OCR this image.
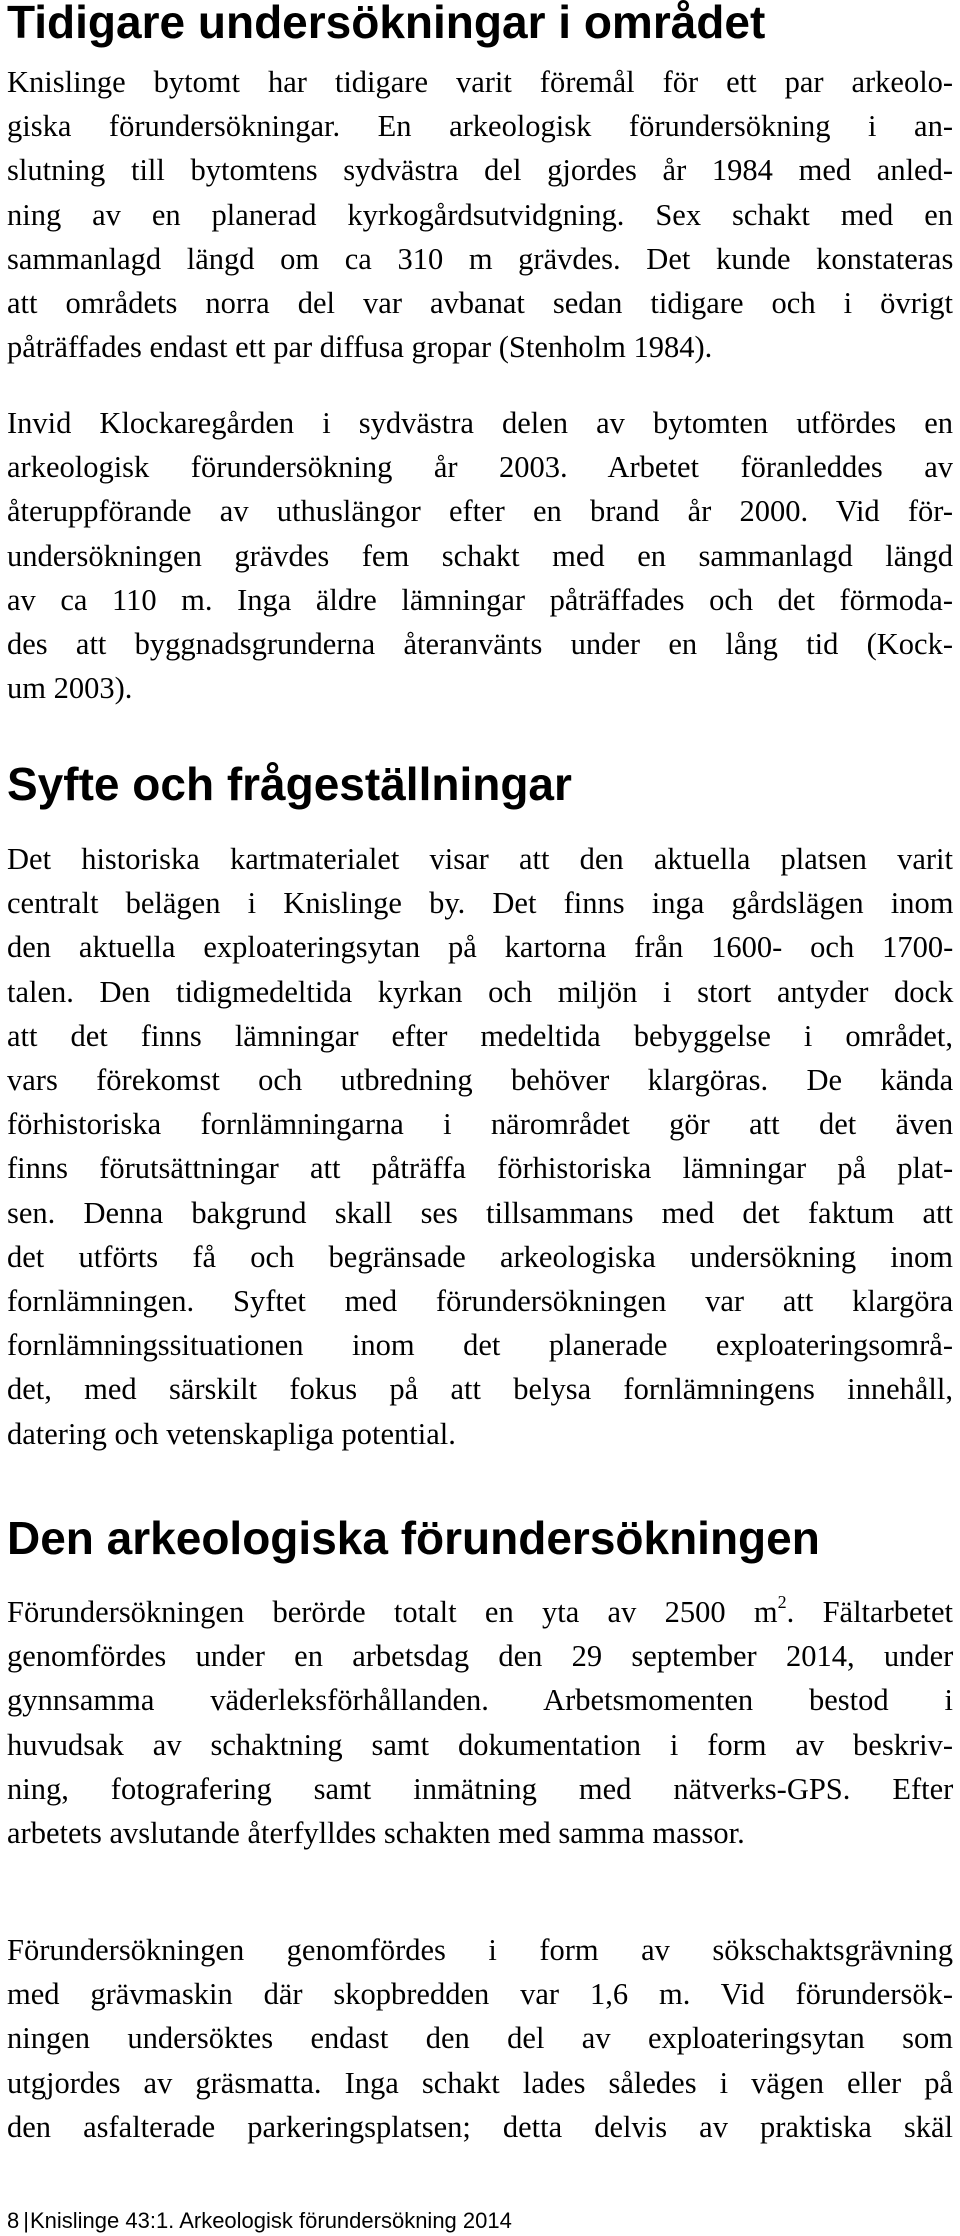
Tidigare undersökningar i området

Knislinge bytomt har tidigare varit föremål för ett par arkeolo-
giska förundersökningar. En arkeologisk förundersökning i an-
slutning till bytomtens sydvästra del gjordes år 1984 med anled-
ning av en planerad kyrkogårdsutvidgning. Sex schakt med en
sammanlagd längd om ca 310 m grävdes. Det kunde konstateras
att områdets norra del var avbanat sedan tidigare och i övrigt
påträffades endast ett par diffusa gropar (Stenholm 1984).

Invid Klockaregården i sydvästra delen av bytomten utfördes en
arkeologisk förundersökning år 2003. Arbetet föranleddes av
återuppförande av uthuslängor efter en brand år 2000. Vid för-
undersökningen grävdes fem schakt med en sammanlagd längd
av ca 110 m. Inga äldre lämningar påträffades och det förmoda-
des att byggnadsgrunderna återanvänts under en lång tid (Kock-
um 2003).

Syfte och frågeställningar

Det historiska kartmaterialet visar att den aktuella platsen varit
centralt belägen i Knislinge by. Det finns inga gårdslägen inom
den aktuella exploateringsytan på kartorna från 1600- och 1700-
talen. Den tidigmedeltida kyrkan och miljön i stort antyder dock
att det finns lämningar efter medeltida bebyggelse i området,
vars förekomst och utbredning behöver klargöras. De kända
förhistoriska fornlämningarna i närområdet gör att det även
finns förutsättningar att påträffa förhistoriska lämningar på plat-
sen. Denna bakgrund skall ses tillsammans med det faktum att
det utförts få och begränsade arkeologiska undersökning inom
fornlämningen. Syftet med förundersökningen var att klargöra
fornlämningssituationen inom det planerade exploateringsområ-
det, med särskilt fokus på att belysa fornlämningens innehåll,
datering och vetenskapliga potential.

Den arkeologiska förundersökningen

Förundersökningen berörde totalt en yta av 2500 $m^2$. Fältarbetet
genomfördes under en arbetsdag den 29 september 2014, under
gynnsamma väderleksförhållanden. Arbetsmomenten bestod i
huvudsak av schaktning samt dokumentation i form av beskriv-
ning, fotografering samt inmätning med nätverks-GPS. Efter
arbetets avslutande återfylldes schakten med samma massor.

Förundersökningen genomfördes i form av sökschaktsgrävning
med grävmaskin där skopbredden var 1,6 m. Vid förundersök-
ningen undersöktes endast den del av exploateringsytan som
utgjordes av gräsmatta. Inga schakt lades således i vägen eller på
den asfalterade parkeringsplatsen; detta delvis av praktiska skäl

8 |Knislinge 43:1. Arkeologisk förundersökning 2014
